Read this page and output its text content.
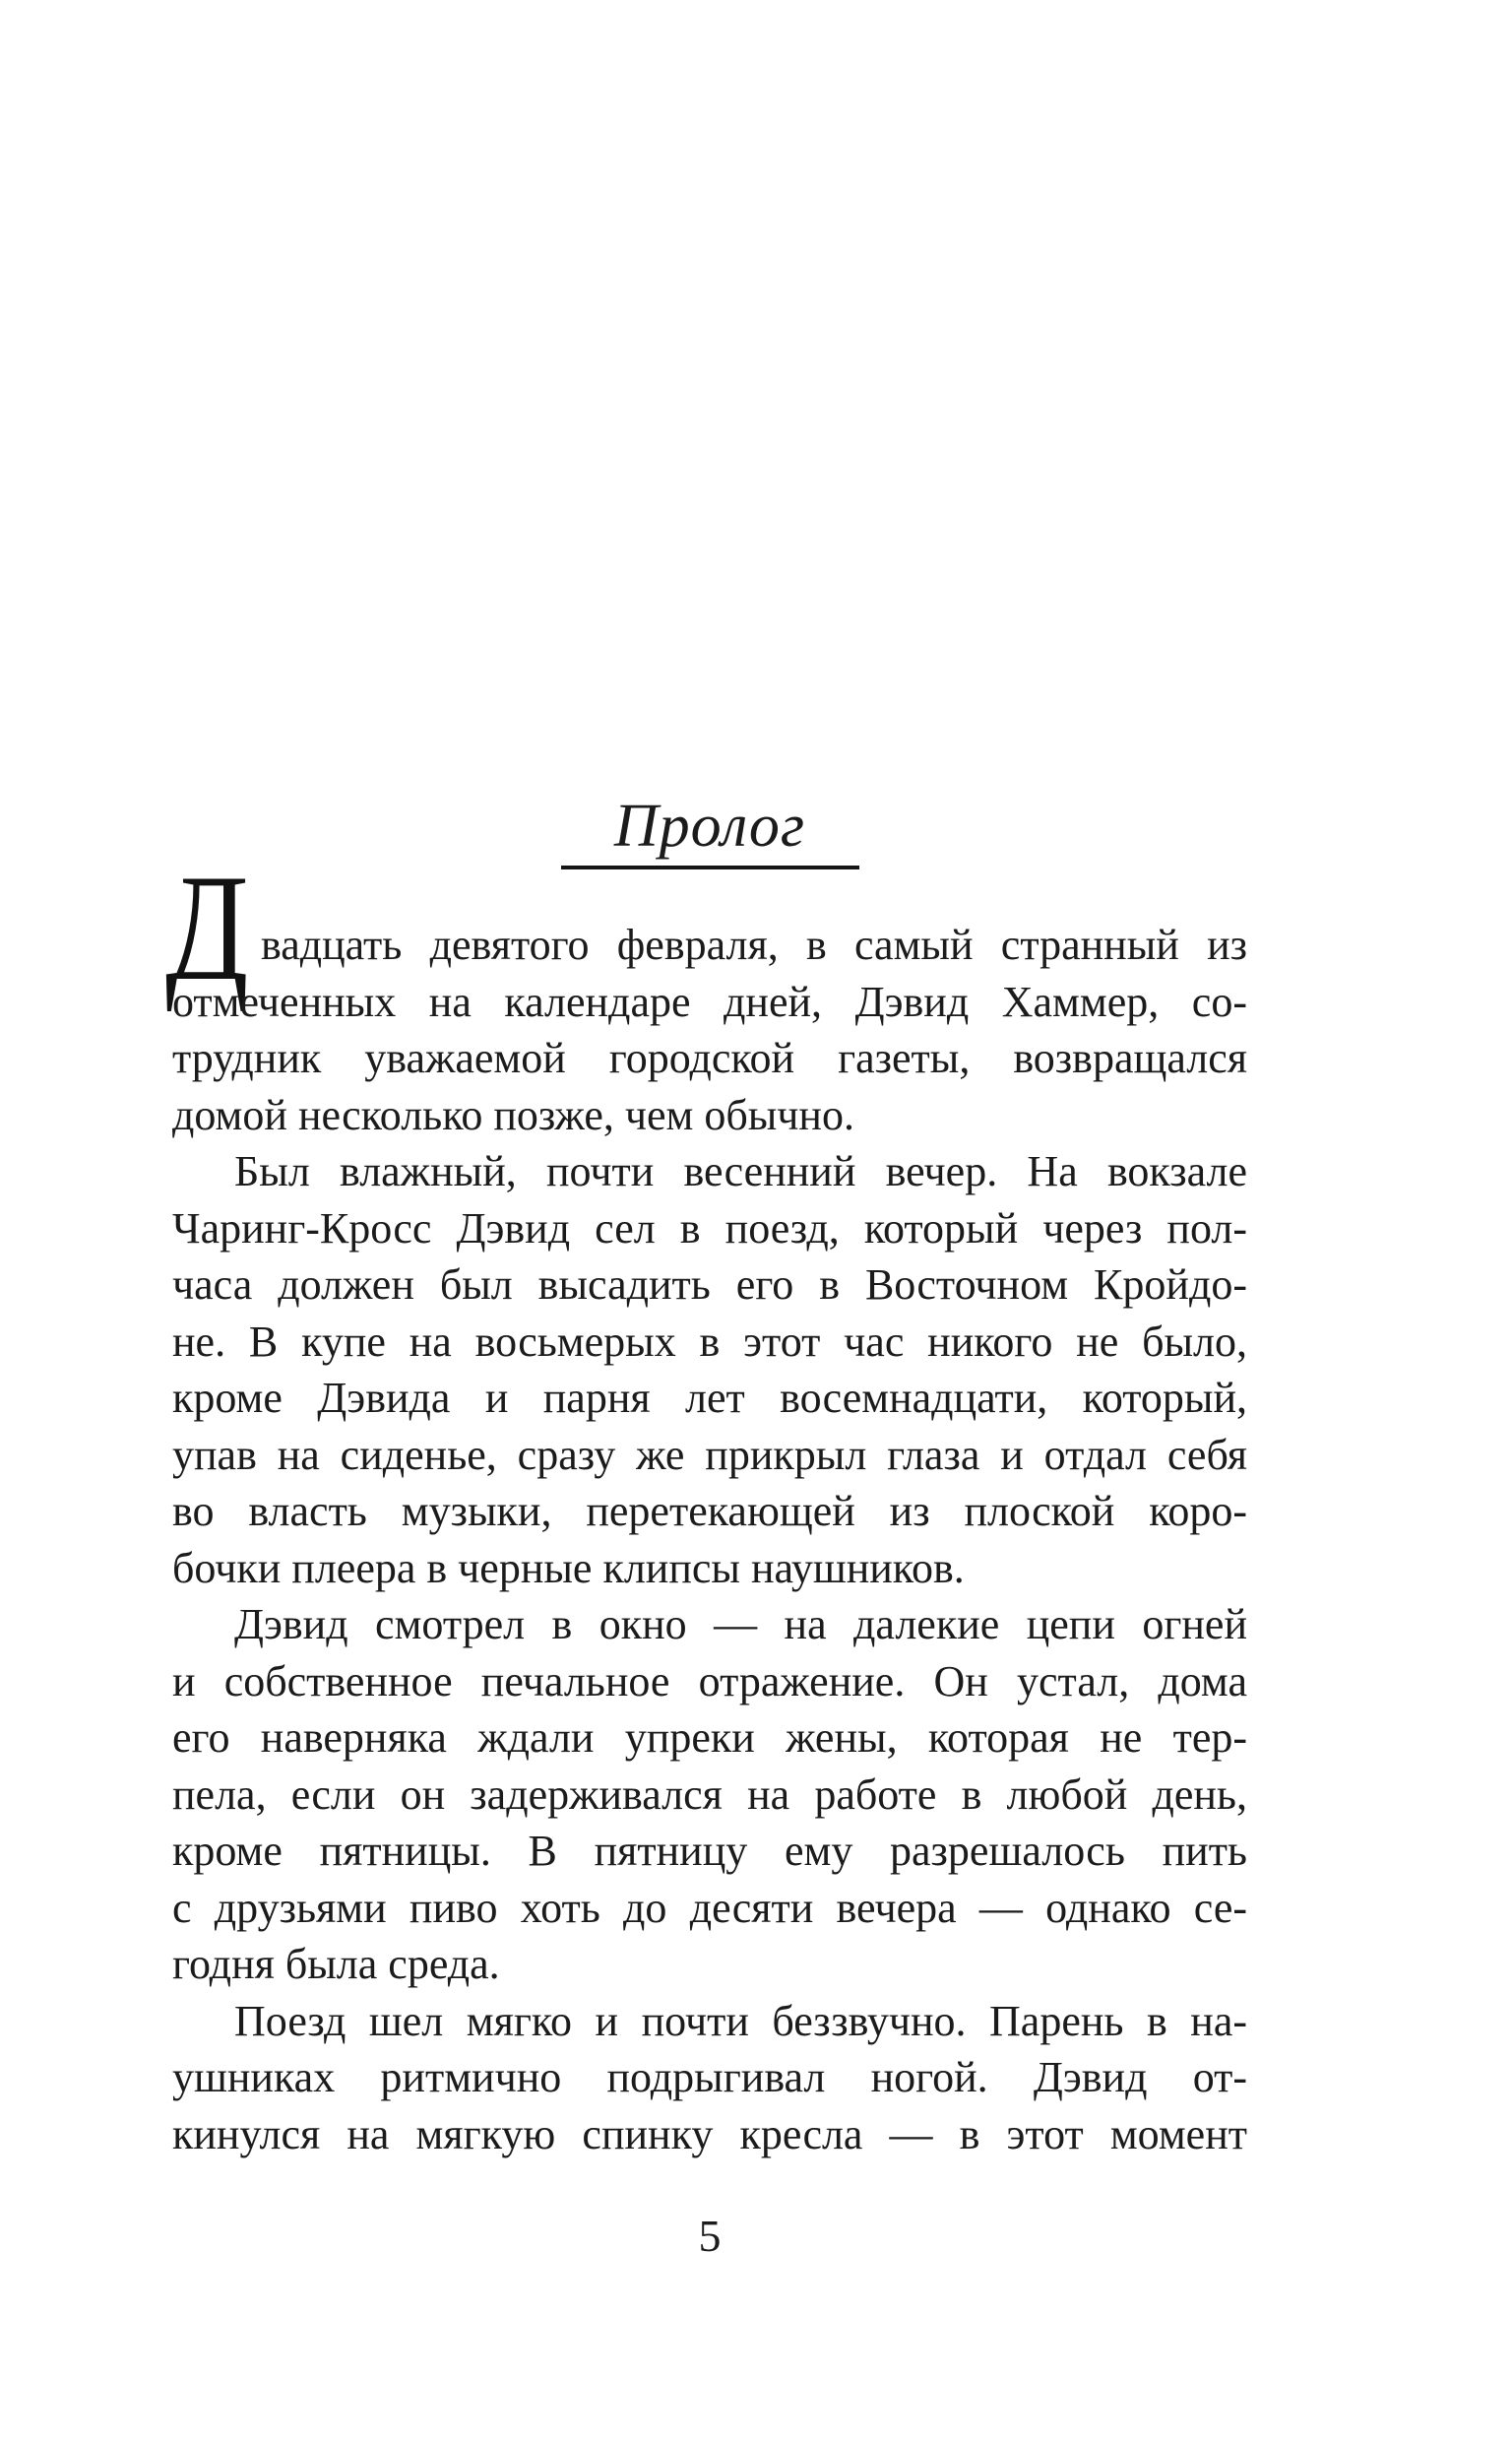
Пролог
Д вадцать девятого февраля, в самый странный из
отмеченных на календаре дней, Дэвид Хаммер, со-
трудник уважаемой городской газеты, возвращался
домой несколько позже, чем обычно.
Был влажный, почти весенний вечер. На вокзале
Чаринг-Кросс Дэвид сел в поезд, который через пол-
часа должен был высадить его в Восточном Кройдо-
не. В купе на восьмерых в этот час никого не было,
кроме Дэвида и парня лет восемнадцати, который,
упав на сиденье, сразу же прикрыл глаза и отдал себя
во власть музыки, перетекающей из плоской коро-
бочки плеера в черные клипсы наушников.
Дэвид смотрел в окно — на далекие цепи огней
и собственное печальное отражение. Он устал, дома
его наверняка ждали упреки жены, которая не тер-
пела, если он задерживался на работе в любой день,
кроме пятницы. В пятницу ему разрешалось пить
с друзьями пиво хоть до десяти вечера — однако се-
годня была среда.
Поезд шел мягко и почти беззвучно. Парень в на-
ушниках ритмично подрыгивал ногой. Дэвид от-
кинулся на мягкую спинку кресла — в этот момент
5
